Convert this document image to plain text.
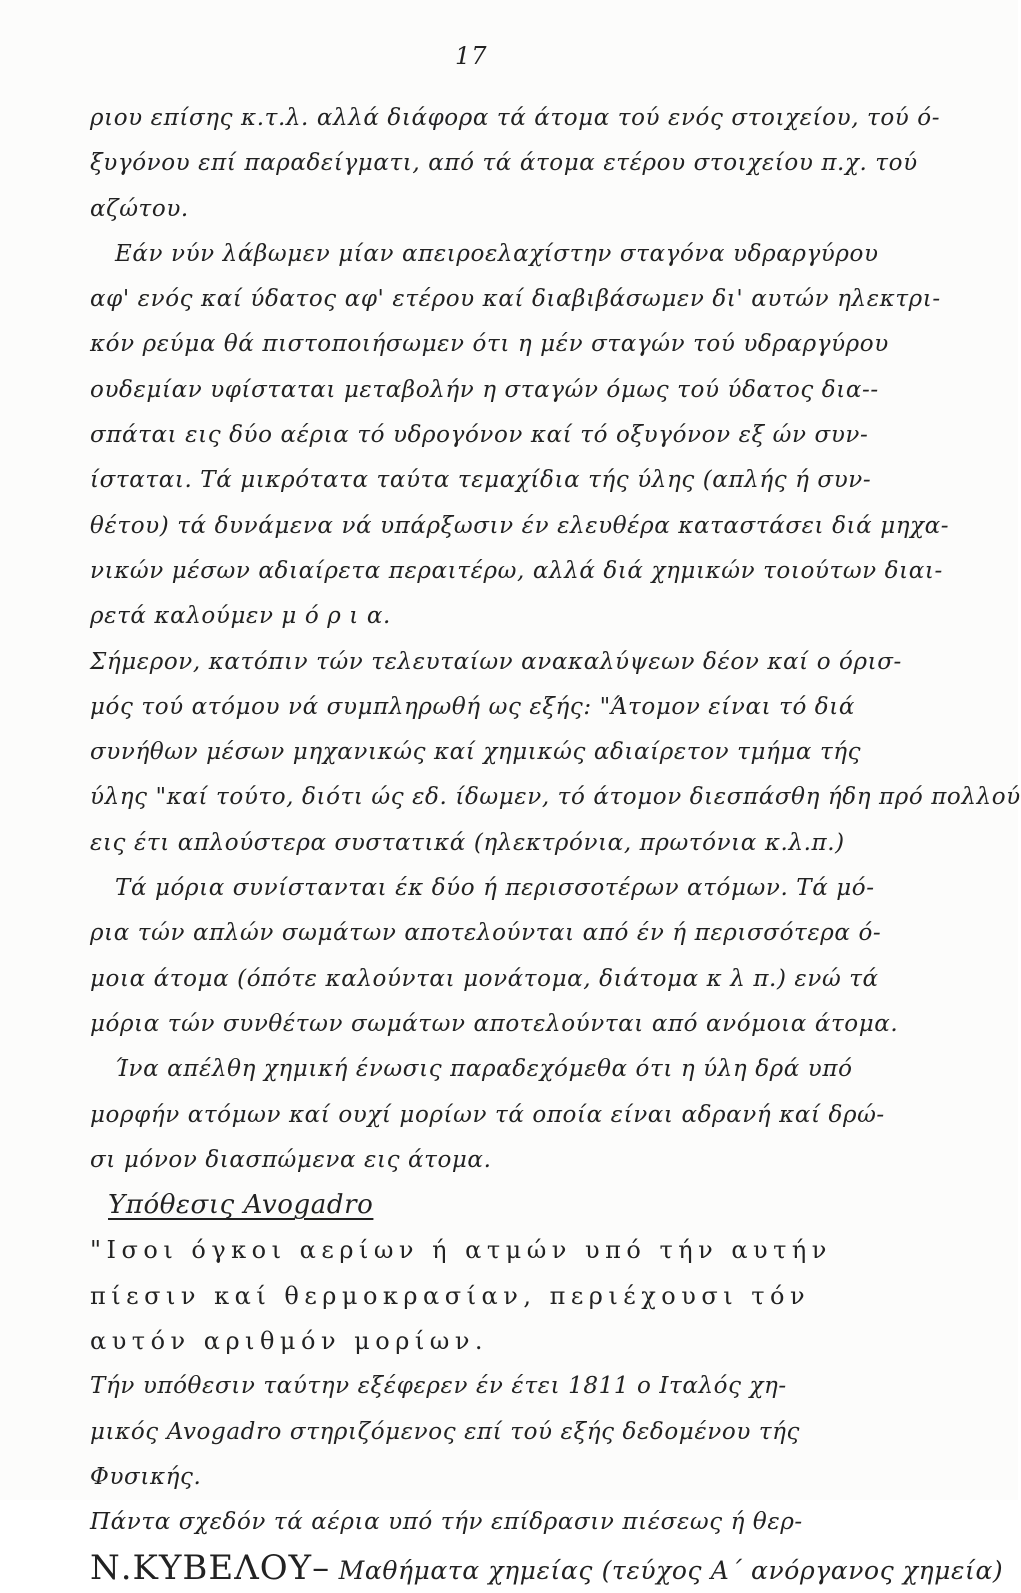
17
ριου επίσης κ.τ.λ. αλλά διάφορα τά άτομα τού ενός στοιχείου, τού ό-
ξυγόνου επί παραδείγματι, από τά άτομα ετέρου στοιχείου π.χ. τού
αζώτου.
Εάν νύν λάβωμεν μίαν απειροελαχίστην σταγόνα υδραργύρου
αφ' ενός καί ύδατος αφ' ετέρου καί διαβιβάσωμεν δι' αυτών ηλεκτρι-
κόν ρεύμα θά πιστοποιήσωμεν ότι η μέν σταγών τού υδραργύρου
ουδεμίαν υφίσταται μεταβολήν η σταγών όμως τού ύδατος δια--
σπάται εις δύο αέρια τό υδρογόνον καί τό οξυγόνον εξ ών συν-
ίσταται. Τά μικρότατα ταύτα τεμαχίδια τής ύλης (απλής ή συν-
θέτου) τά δυνάμενα νά υπάρξωσιν έν ελευθέρα καταστάσει διά μηχα-
νικών μέσων αδιαίρετα περαιτέρω, αλλά διά χημικών τοιούτων διαι-
ρετά καλούμεν μ ό ρ ι α.
Σήμερον, κατόπιν τών τελευταίων ανακαλύψεων δέον καί ο όρισ-
μός τού ατόμου νά συμπληρωθή ως εξής: "Άτομον είναι τό διά
συνήθων μέσων μηχανικώς καί χημικώς αδιαίρετον τμήμα τής
ύλης "καί τούτο, διότι ώς εδ. ίδωμεν, τό άτομον διεσπάσθη ήδη πρό πολλού
εις έτι απλούστερα συστατικά (ηλεκτρόνια, πρωτόνια κ.λ.π.)
Τά μόρια συνίστανται έκ δύο ή περισσοτέρων ατόμων. Τά μό-
ρια τών απλών σωμάτων αποτελούνται από έν ή περισσότερα ό-
μοια άτομα (όπότε καλούνται μονάτομα, διάτομα κ λ π.) ενώ τά
μόρια τών συνθέτων σωμάτων αποτελούνται από ανόμοια άτομα.
Ίνα απέλθη χημική ένωσις παραδεχόμεθα ότι η ύλη δρά υπό
μορφήν ατόμων καί ουχί μορίων τά οποία είναι αδρανή καί δρώ-
σι μόνον διασπώμενα εις άτομα.
Υπόθεσις Avogadro
"Ισοι όγκοι αερίων ή ατμών υπό τήν αυτήν
πίεσιν καί θερμοκρασίαν, περιέχουσι τόν
αυτόν αριθμόν μορίων.
Τήν υπόθεσιν ταύτην εξέφερεν έν έτει 1811 ο Ιταλός χη-
μικός Avogadro στηριζόμενος επί τού εξής δεδομένου τής
Φυσικής.
Πάντα σχεδόν τά αέρια υπό τήν επίδρασιν πιέσεως ή θερ-
Ν.ΚΥΒΕΛΟΥ– Μαθήματα χημείας (τεύχος Α΄ ανόργανος χημεία)
